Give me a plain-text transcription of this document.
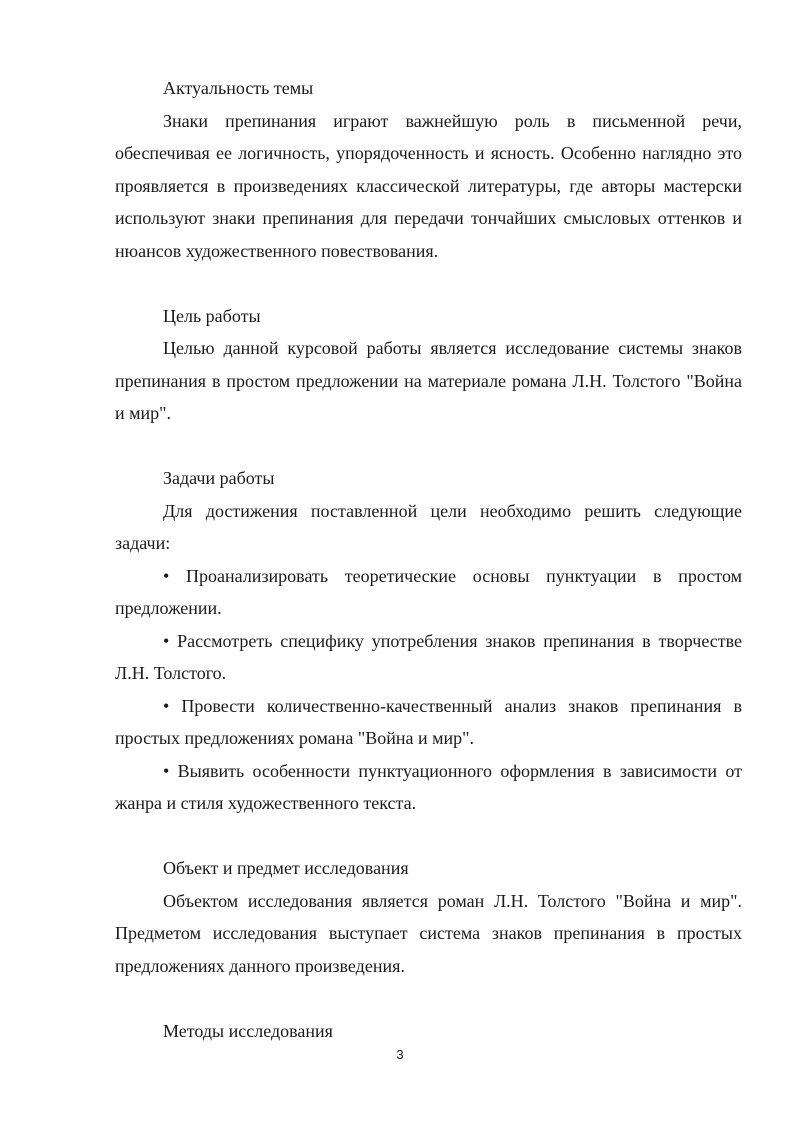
Актуальность темы

Знаки препинания играют важнейшую роль в письменной речи, обеспечивая ее логичность, упорядоченность и ясность. Особенно наглядно это проявляется в произведениях классической литературы, где авторы мастерски используют знаки препинания для передачи тончайших смысловых оттенков и нюансов художественного повествования.

Цель работы

Целью данной курсовой работы является исследование системы знаков препинания в простом предложении на материале романа Л.Н. Толстого "Война и мир".

Задачи работы

Для достижения поставленной цели необходимо решить следующие задачи:

• Проанализировать теоретические основы пунктуации в простом предложении.

• Рассмотреть специфику употребления знаков препинания в творчестве Л.Н. Толстого.

• Провести количественно-качественный анализ знаков препинания в простых предложениях романа "Война и мир".

• Выявить особенности пунктуационного оформления в зависимости от жанра и стиля художественного текста.

Объект и предмет исследования

Объектом исследования является роман Л.Н. Толстого "Война и мир". Предметом исследования выступает система знаков препинания в простых предложениях данного произведения.

Методы исследования

3
